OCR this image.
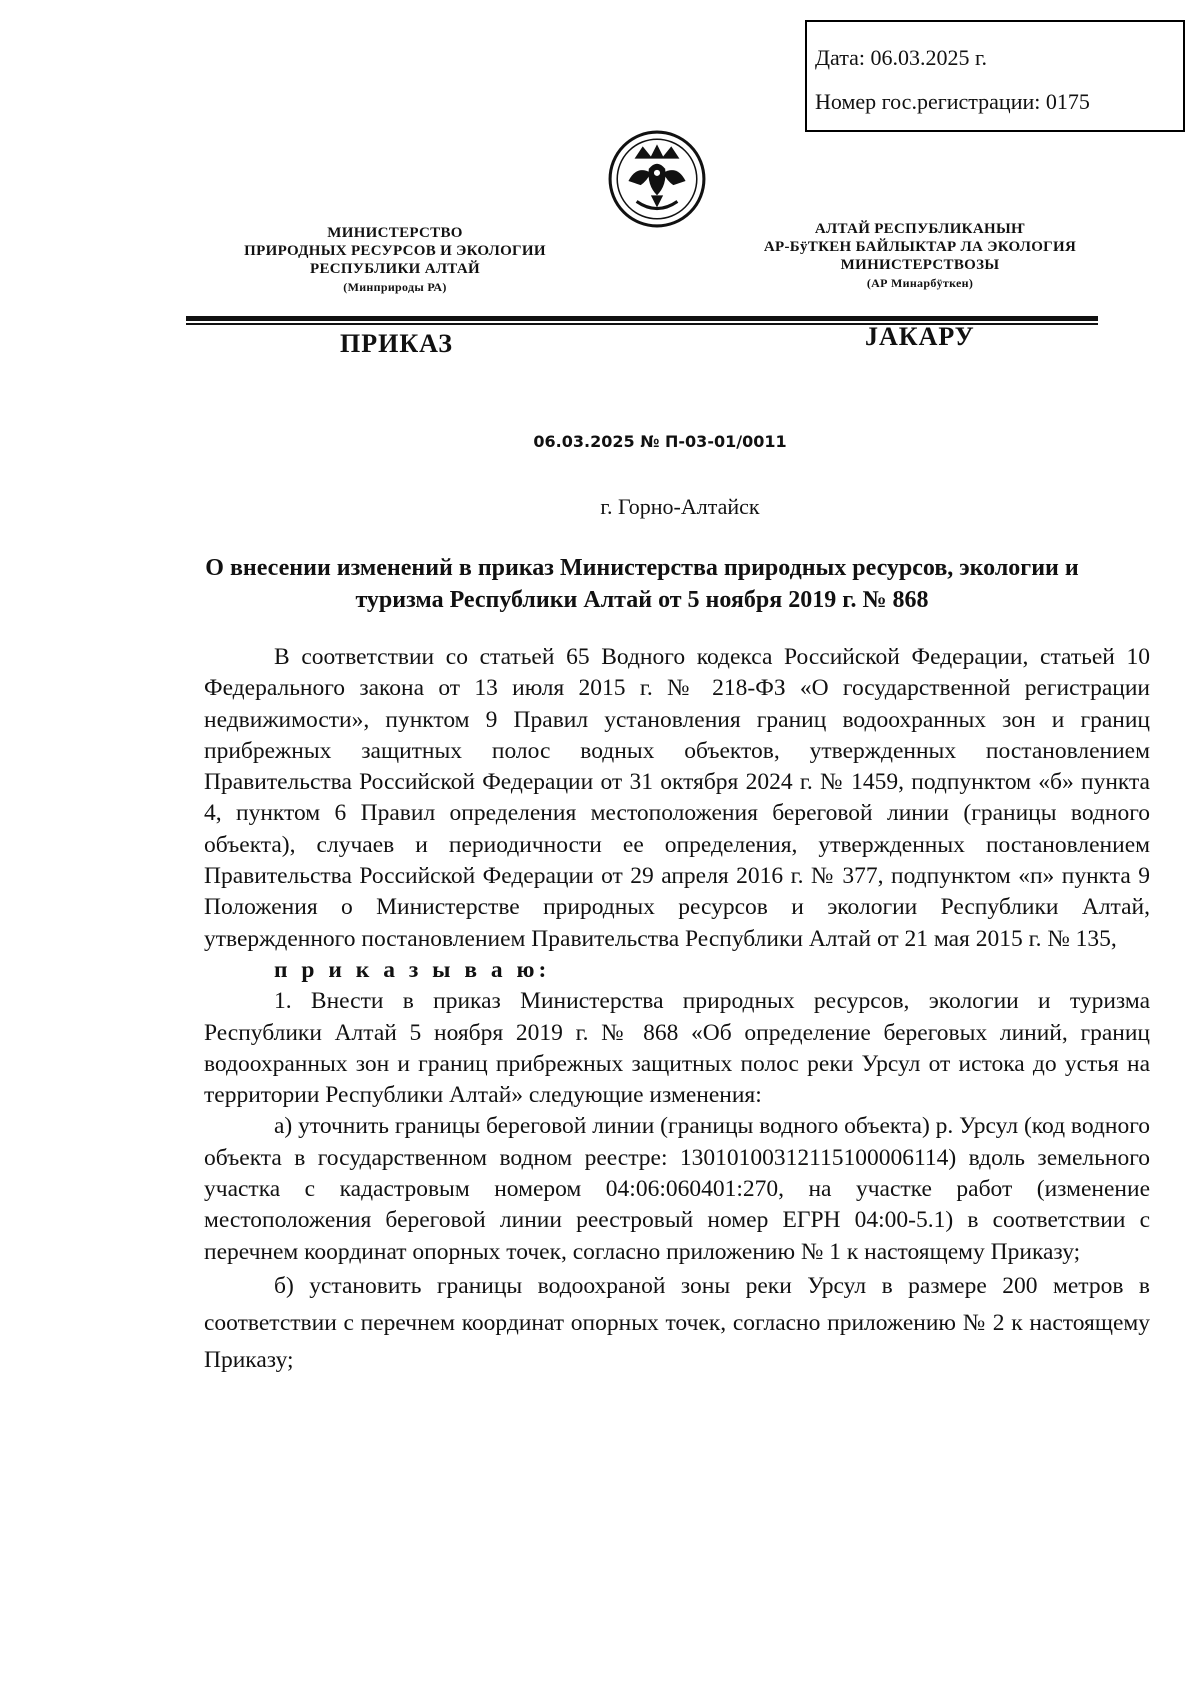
Дата: 06.03.2025 г.
Номер гос.регистрации: 0175
МИНИСТЕРСТВО
ПРИРОДНЫХ РЕСУРСОВ И ЭКОЛОГИИ
РЕСПУБЛИКИ АЛТАЙ
(Минприроды РА)
АЛТАЙ РЕСПУБЛИКАНЫҤ
АР-БÿТКЕН БАЙЛЫКТАР ЛА ЭКОЛОГИЯ
МИНИСТЕРСТВОЗЫ
(АР Минарбÿткен)
ПРИКАЗ	JАКАРУ
06.03.2025 № П-03-01/0011
г. Горно-Алтайск
О внесении изменений в приказ Министерства природных ресурсов, экологии и туризма Республики Алтай от 5 ноября 2019 г. № 868

В соответствии со статьей 65 Водного кодекса Российской Федерации, статьей 10 Федерального закона от 13 июля 2015 г. № 218-ФЗ «О государственной регистрации недвижимости», пунктом 9 Правил установления границ водоохранных зон и границ прибрежных защитных полос водных объектов, утвержденных постановлением Правительства Российской Федерации от 31 октября 2024 г. № 1459, подпунктом «б» пункта 4, пунктом 6 Правил определения местоположения береговой линии (границы водного объекта), случаев и периодичности ее определения, утвержденных постановлением Правительства Российской Федерации от 29 апреля 2016 г. № 377, подпунктом «п» пункта 9 Положения о Министерстве природных ресурсов и экологии Республики Алтай, утвержденного постановлением Правительства Республики Алтай от 21 мая 2015 г. № 135,

п р и к а з ы в а ю:

1. Внести в приказ Министерства природных ресурсов, экологии и туризма Республики Алтай 5 ноября 2019 г. № 868 «Об определение береговых линий, границ водоохранных зон и границ прибрежных защитных полос реки Урсул от истока до устья на территории Республики Алтай» следующие изменения:

а) уточнить границы береговой линии (границы водного объекта) р. Урсул (код водного объекта в государственном водном реестре: 13010100312115100006114) вдоль земельного участка с кадастровым номером 04:06:060401:270, на участке работ (изменение местоположения береговой линии реестровый номер ЕГРН 04:00-5.1) в соответствии с перечнем координат опорных точек, согласно приложению № 1 к настоящему Приказу;

б) установить границы водоохраной зоны реки Урсул в размере 200 метров в соответствии с перечнем координат опорных точек, согласно приложению № 2 к настоящему Приказу;
